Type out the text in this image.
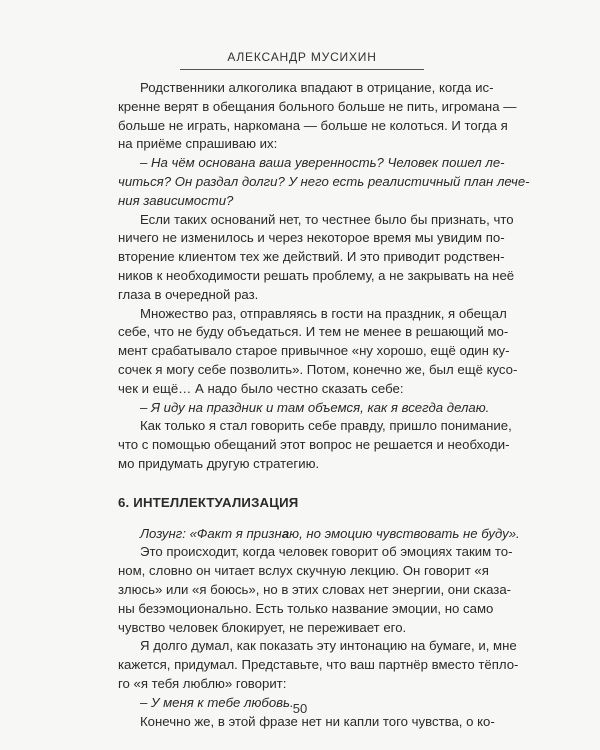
АЛЕКСАНДР МУСИХИН
Родственники алкоголика впадают в отрицание, когда ис-
кренне верят в обещания больного больше не пить, игромана —
больше не играть, наркомана — больше не колоться. И тогда я
на приёме спрашиваю их:
– На чём основана ваша уверенность? Человек пошел ле-
читься? Он раздал долги? У него есть реалистичный план лече-
ния зависимости?
Если таких оснований нет, то честнее было бы признать, что
ничего не изменилось и через некоторое время мы увидим по-
вторение клиентом тех же действий. И это приводит родствен-
ников к необходимости решать проблему, а не закрывать на неё
глаза в очередной раз.
Множество раз, отправляясь в гости на праздник, я обещал
себе, что не буду объедаться. И тем не менее в решающий мо-
мент срабатывало старое привычное «ну хорошо, ещё один ку-
сочек я могу себе позволить». Потом, конечно же, был ещё кусо-
чек и ещё… А надо было честно сказать себе:
– Я иду на праздник и там объемся, как я всегда делаю.
Как только я стал говорить себе правду, пришло понимание,
что с помощью обещаний этот вопрос не решается и необходи-
мо придумать другую стратегию.
6. ИНТЕЛЛЕКТУАЛИЗАЦИЯ
Лозунг: «Факт я признаю, но эмоцию чувствовать не буду».
Это происходит, когда человек говорит об эмоциях таким то-
ном, словно он читает вслух скучную лекцию. Он говорит «я
злюсь» или «я боюсь», но в этих словах нет энергии, они сказа-
ны безэмоционально. Есть только название эмоции, но само
чувство человек блокирует, не переживает его.
Я долго думал, как показать эту интонацию на бумаге, и, мне
кажется, придумал. Представьте, что ваш партнёр вместо тёпло-
го «я тебя люблю» говорит:
– У меня к тебе любовь.
Конечно же, в этой фразе нет ни капли того чувства, о ко-
50
